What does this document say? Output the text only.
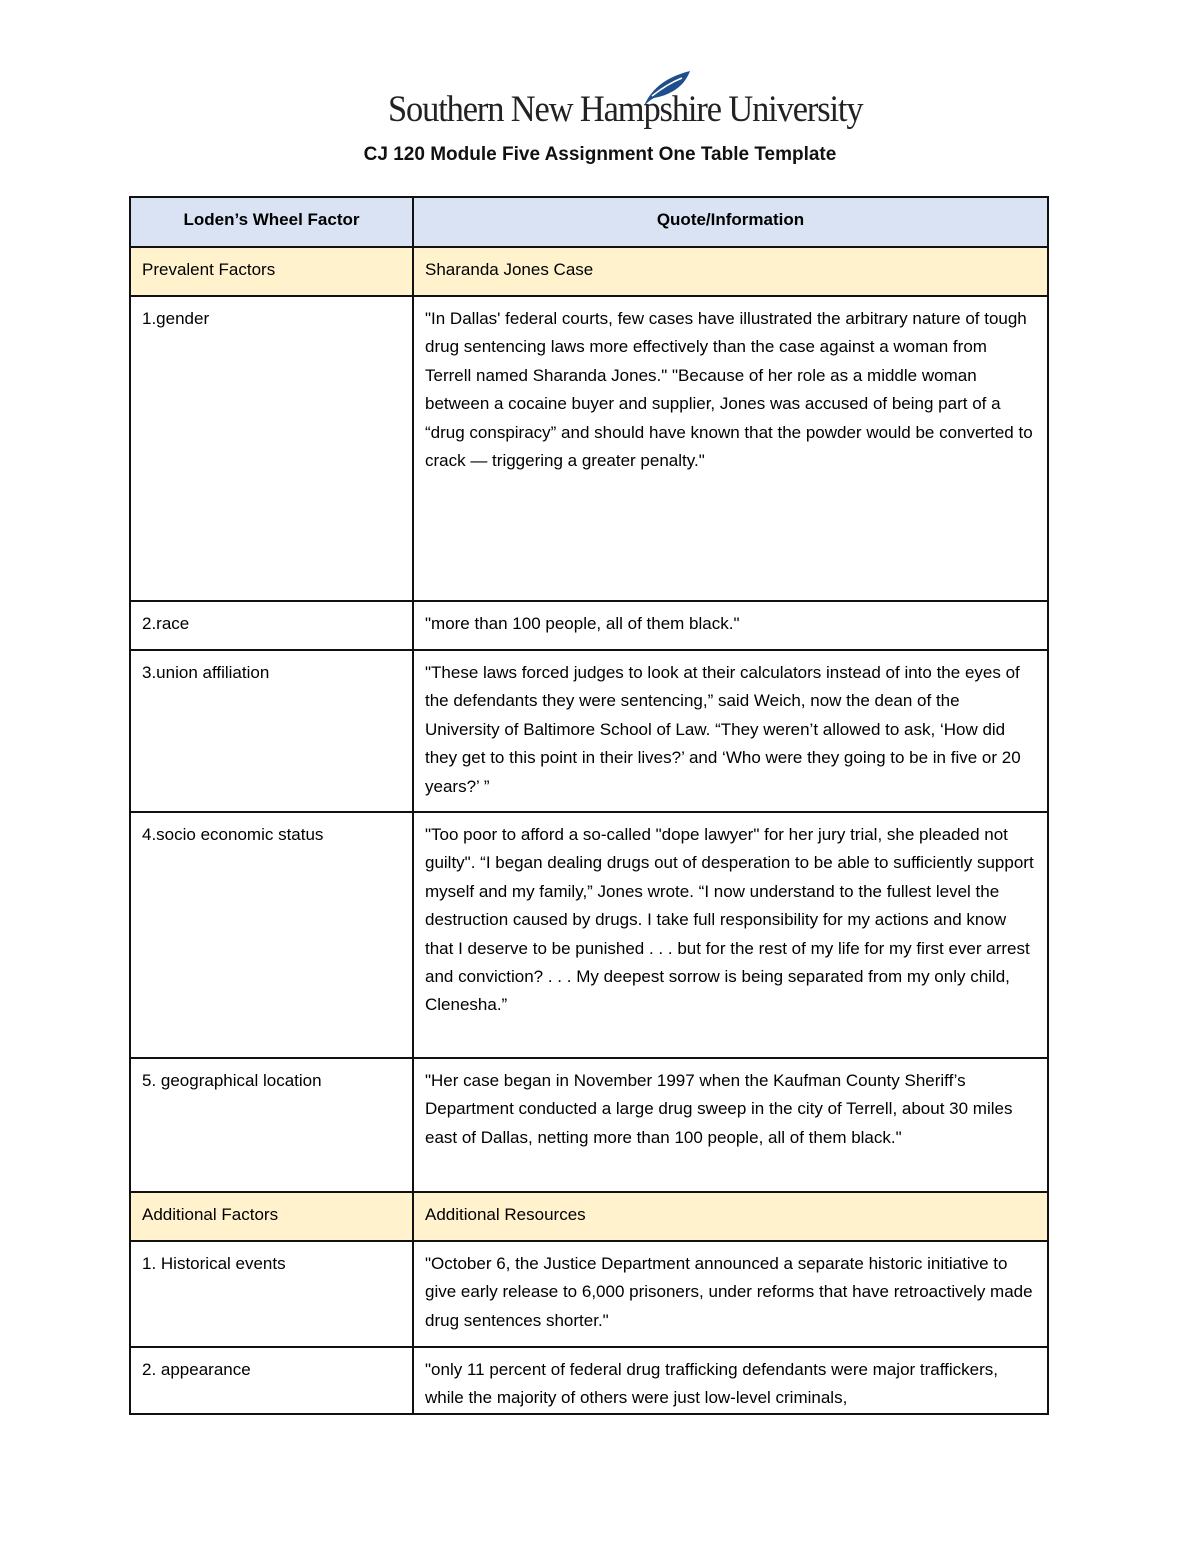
Southern New Hampshire University
CJ 120 Module Five Assignment One Table Template
Loden’s Wheel Factor	Quote/Information
Prevalent Factors	Sharanda Jones Case
1.gender	"In Dallas' federal courts, few cases have illustrated the arbitrary nature of tough drug sentencing laws more effectively than the case against a woman from Terrell named Sharanda Jones." "Because of her role as a middle woman between a cocaine buyer and supplier, Jones was accused of being part of a “drug conspiracy” and should have known that the powder would be converted to crack — triggering a greater penalty."
2.race	"more than 100 people, all of them black."
3.union affiliation	"These laws forced judges to look at their calculators instead of into the eyes of the defendants they were sentencing,” said Weich, now the dean of the University of Baltimore School of Law. “They weren’t allowed to ask, ‘How did they get to this point in their lives?’ and ‘Who were they going to be in five or 20 years?’ ”
4.socio economic status	"Too poor to afford a so-called "dope lawyer" for her jury trial, she pleaded not guilty". “I began dealing drugs out of desperation to be able to sufficiently support myself and my family,” Jones wrote. “I now understand to the fullest level the destruction caused by drugs. I take full responsibility for my actions and know that I deserve to be punished . . . but for the rest of my life for my first ever arrest and conviction? . . . My deepest sorrow is being separated from my only child, Clenesha.”
5. geographical location	"Her case began in November 1997 when the Kaufman County Sheriff’s Department conducted a large drug sweep in the city of Terrell, about 30 miles east of Dallas, netting more than 100 people, all of them black."
Additional Factors	Additional Resources
1. Historical events	"October 6, the Justice Department announced a separate historic initiative to give early release to 6,000 prisoners, under reforms that have retroactively made drug sentences shorter."
2. appearance	"only 11 percent of federal drug trafficking defendants were major traffickers, while the majority of others were just low-level criminals,
